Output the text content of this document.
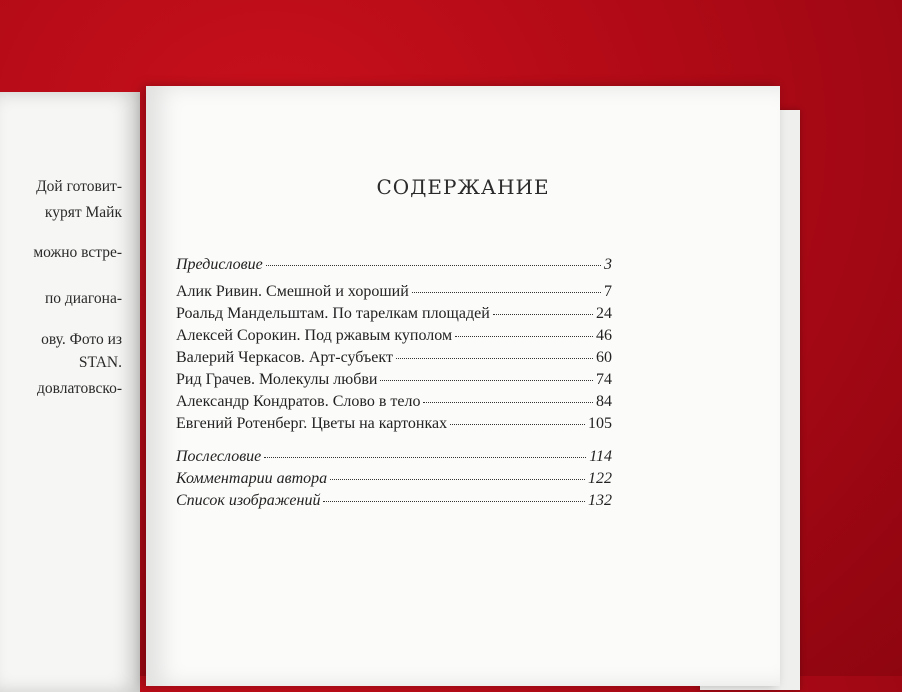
Дой готовит-
курят Майк
можно встре-
по диагона-
ову. Фото из
STAN.
довлатовско-
СОДЕРЖАНИЕ
Предисловие	3
Алик Ривин. Смешной и хороший	7
Роальд Мандельштам. По тарелкам площадей	24
Алексей Сорокин. Под ржавым куполом	46
Валерий Черкасов. Арт-субъект	60
Рид Грачев. Молекулы любви	74
Александр Кондратов. Слово в тело	84
Евгений Ротенберг. Цветы на картонках	105
Послесловие	114
Комментарии автора	122
Список изображений	132
